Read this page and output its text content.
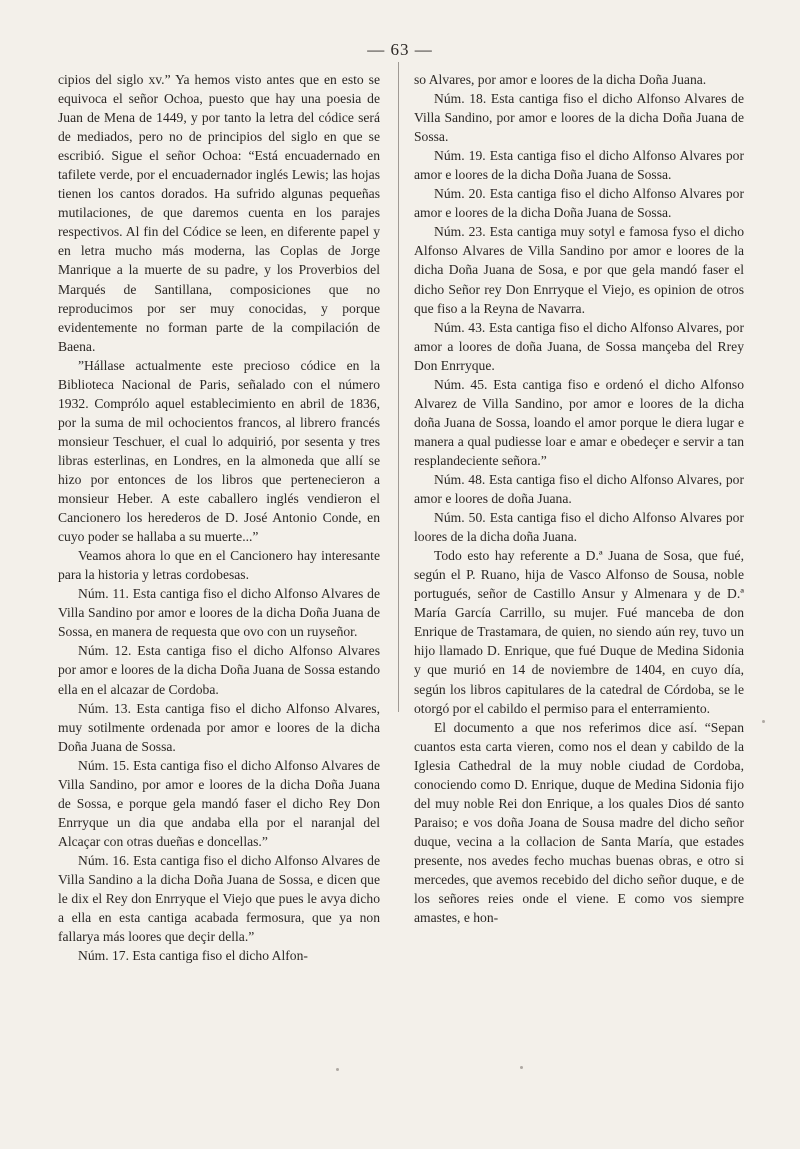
— 63 —

cipios del siglo xv.” Ya hemos visto antes que en esto se equivoca el señor Ochoa, puesto que hay una poesia de Juan de Mena de 1449, y por tanto la letra del códice será de mediados, pero no de principios del siglo en que se escribió. Sigue el señor Ochoa: “Está encuadernado en tafilete verde, por el encuadernador inglés Lewis; las hojas tienen los cantos dorados. Ha sufrido algunas pequeñas mutilaciones, de que daremos cuenta en los parajes respectivos. Al fin del Códice se leen, en diferente papel y en letra mucho más moderna, las Coplas de Jorge Manrique a la muerte de su padre, y los Proverbios del Marqués de Santillana, composiciones que no reproducimos por ser muy conocidas, y porque evidentemente no forman parte de la compilación de Baena.

”Hállase actualmente este precioso códice en la Biblioteca Nacional de Paris, señalado con el número 1932. Comprólo aquel establecimiento en abril de 1836, por la suma de mil ochocientos francos, al librero francés monsieur Teschuer, el cual lo adquirió, por sesenta y tres libras esterlinas, en Londres, en la almoneda que allí se hizo por entonces de los libros que pertenecieron a monsieur Heber. A este caballero inglés vendieron el Cancionero los herederos de D. José Antonio Conde, en cuyo poder se hallaba a su muerte...”

Veamos ahora lo que en el Cancionero hay interesante para la historia y letras cordobesas.

Núm. 11. Esta cantiga fiso el dicho Alfonso Alvares de Villa Sandino por amor e loores de la dicha Doña Juana de Sossa, en manera de requesta que ovo con un ruyseñor.

Núm. 12. Esta cantiga fiso el dicho Alfonso Alvares por amor e loores de la dicha Doña Juana de Sossa estando ella en el alcazar de Cordoba.

Núm. 13. Esta cantiga fiso el dicho Alfonso Alvares, muy sotilmente ordenada por amor e loores de la dicha Doña Juana de Sossa.

Núm. 15. Esta cantiga fiso el dicho Alfonso Alvares de Villa Sandino, por amor e loores de la dicha Doña Juana de Sossa, e porque gela mandó faser el dicho Rey Don Enrryque un dia que andaba ella por el naranjal del Alcaçar con otras dueñas e doncellas.”

Núm. 16. Esta cantiga fiso el dicho Alfonso Alvares de Villa Sandino a la dicha Doña Juana de Sossa, e dicen que le dix el Rey don Enrryque el Viejo que pues le avya dicho a ella en esta cantiga acabada fermosura, que ya non fallarya más loores que deçir della.”

Núm. 17. Esta cantiga fiso el dicho Alfon-

so Alvares, por amor e loores de la dicha Doña Juana.

Núm. 18. Esta cantiga fiso el dicho Alfonso Alvares de Villa Sandino, por amor e loores de la dicha Doña Juana de Sossa.

Núm. 19. Esta cantiga fiso el dicho Alfonso Alvares por amor e loores de la dicha Doña Juana de Sossa.

Núm. 20. Esta cantiga fiso el dicho Alfonso Alvares por amor e loores de la dicha Doña Juana de Sossa.

Núm. 23. Esta cantiga muy sotyl e famosa fyso el dicho Alfonso Alvares de Villa Sandino por amor e loores de la dicha Doña Juana de Sosa, e por que gela mandó faser el dicho Señor rey Don Enrryque el Viejo, es opinion de otros que fiso a la Reyna de Navarra.

Núm. 43. Esta cantiga fiso el dicho Alfonso Alvares, por amor a loores de doña Juana, de Sossa mançeba del Rrey Don Enrryque.

Núm. 45. Esta cantiga fiso e ordenó el dicho Alfonso Alvarez de Villa Sandino, por amor e loores de la dicha doña Juana de Sossa, loando el amor porque le diera lugar e manera a qual pudiesse loar e amar e obedeçer e servir a tan resplandeciente señora.”

Núm. 48. Esta cantiga fiso el dicho Alfonso Alvares, por amor e loores de doña Juana.

Núm. 50. Esta cantiga fiso el dicho Alfonso Alvares por loores de la dicha doña Juana.

Todo esto hay referente a D.ª Juana de Sosa, que fué, según el P. Ruano, hija de Vasco Alfonso de Sousa, noble portugués, señor de Castillo Ansur y Almenara y de D.ª María García Carrillo, su mujer. Fué manceba de don Enrique de Trastamara, de quien, no siendo aún rey, tuvo un hijo llamado D. Enrique, que fué Duque de Medina Sidonia y que murió en 14 de noviembre de 1404, en cuyo día, según los libros capitulares de la catedral de Córdoba, se le otorgó por el cabildo el permiso para el enterramiento.

El documento a que nos referimos dice así. “Sepan cuantos esta carta vieren, como nos el dean y cabildo de la Iglesia Cathedral de la muy noble ciudad de Cordoba, conociendo como D. Enrique, duque de Medina Sidonia fijo del muy noble Rei don Enrique, a los quales Dios dé santo Paraiso; e vos doña Joana de Sousa madre del dicho señor duque, vecina a la collacion de Santa María, que estades presente, nos avedes fecho muchas buenas obras, e otro si mercedes, que avemos recebido del dicho señor duque, e de los señores reies onde el viene. E como vos siempre amastes, e hon-
